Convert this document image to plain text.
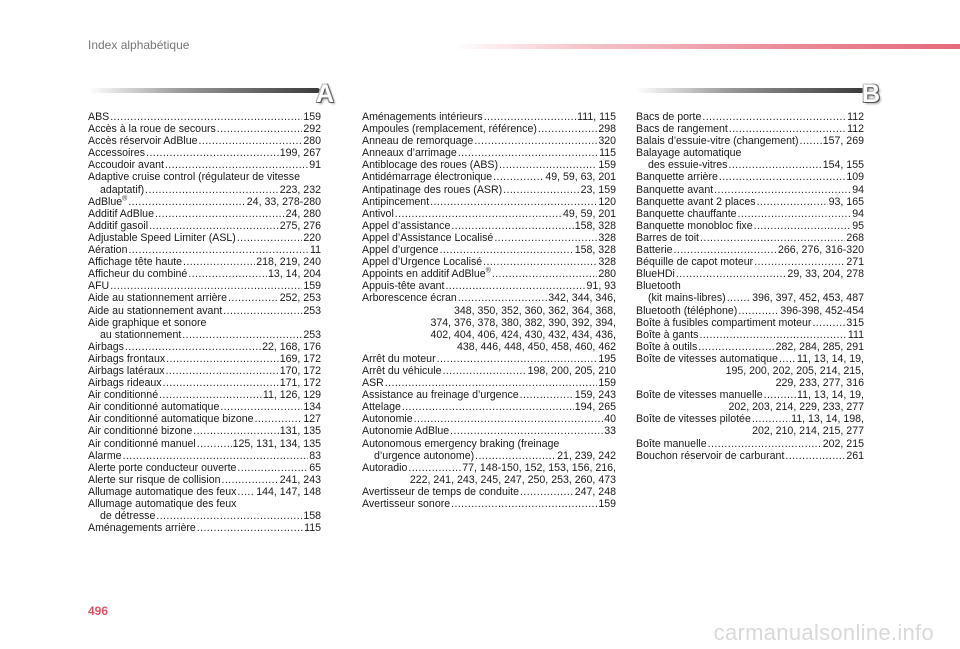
Index alphabétique
A	B
ABS .....	159
Accès à la roue de secours .....	292
Accès réservoir AdBlue .....	280
Accessoires .....	199, 267
Accoudoir avant .....	91
Adaptive cruise control (régulateur de vitesse
adaptatif) .....	223, 232
AdBlue® .....	24, 33, 278-280
Additif AdBlue .....	24, 280
Additif gasoil .....	275, 276
Adjustable Speed Limiter (ASL) .....	220
Aération .....	11
Affichage tête haute .....	218, 219, 240
Afficheur du combiné .....	13, 14, 204
AFU .....	159
Aide au stationnement arrière .....	252, 253
Aide au stationnement avant .....	253
Aide graphique et sonore
au stationnement .....	253
Airbags .....	22, 168, 176
Airbags frontaux .....	169, 172
Airbags latéraux .....	170, 172
Airbags rideaux .....	171, 172
Air conditionné .....	11, 126, 129
Air conditionné automatique .....	134
Air conditionné automatique bizone .....	127
Air conditionné bizone .....	131, 135
Air conditionné manuel .....	125, 131, 134, 135
Alarme .....	83
Alerte porte conducteur ouverte .....	65
Alerte sur risque de collision .....	241, 243
Allumage automatique des feux ..... 144, 147, 148
Allumage automatique des feux
de détresse .....	158
Aménagements arrière .....	115
Aménagements intérieurs .....	111, 115
Ampoules (remplacement, référence) .....	298
Anneau de remorquage .....	320
Anneaux d’arrimage .....	115
Antiblocage des roues (ABS) .....	159
Antidémarrage électronique .....	49, 59, 63, 201
Antipatinage des roues (ASR) .....	23, 159
Antipincement .....	120
Antivol .....	49, 59, 201
Appel d’assistance .....	158, 328
Appel d’Assistance Localisé .....	328
Appel d’urgence .....	158, 328
Appel d’Urgence Localisé .....	328
Appoints en additif AdBlue® .....	280
Appuis-tête avant .....	91, 93
Arborescence écran .....	342, 344, 346,
348, 350, 352, 360, 362, 364, 368,
374, 376, 378, 380, 382, 390, 392, 394,
402, 404, 406, 424, 430, 432, 434, 436,
438, 446, 448, 450, 458, 460, 462
Arrêt du moteur .....	195
Arrêt du véhicule .....	198, 200, 205, 210
ASR .....	159
Assistance au freinage d’urgence .....	159, 243
Attelage .....	194, 265
Autonomie .....	40
Autonomie AdBlue .....	33
Autonomous emergency braking (freinage
d’urgence autonome) .....	21, 239, 242
Autoradio .....	77, 148-150, 152, 153, 156, 216,
222, 241, 243, 245, 247, 250, 253, 260, 473
Avertisseur de temps de conduite .....	247, 248
Avertisseur sonore .....	159
Bacs de porte .....	112
Bacs de rangement .....	112
Balais d’essuie-vitre (changement) ..... 157, 269
Balayage automatique
des essuie-vitres .....	154, 155
Banquette arrière .....	109
Banquette avant .....	94
Banquette avant 2 places .....	93, 165
Banquette chauffante .....	94
Banquette monobloc fixe .....	95
Barres de toit .....	268
Batterie .....	266, 276, 316-320
Béquille de capot moteur .....	271
BlueHDi .....	29, 33, 204, 278
Bluetooth
(kit mains-libres) ..... 396, 397, 452, 453, 487
Bluetooth (téléphone) .....	396-398, 452-454
Boîte à fusibles compartiment moteur .....	315
Boîte à gants .....	111
Boîte à outils .....	282, 284, 285, 291
Boîte de vitesses automatique ..... 11, 13, 14, 19,
195, 200, 202, 205, 214, 215,
229, 233, 277, 316
Boîte de vitesses manuelle .....	11, 13, 14, 19,
202, 203, 214, 229, 233, 277
Boîte de vitesses pilotée .....	11, 13, 14, 198,
202, 210, 214, 215, 277
Boîte manuelle .....	202, 215
Bouchon réservoir de carburant .....	261
496
carmanualsonline.info
